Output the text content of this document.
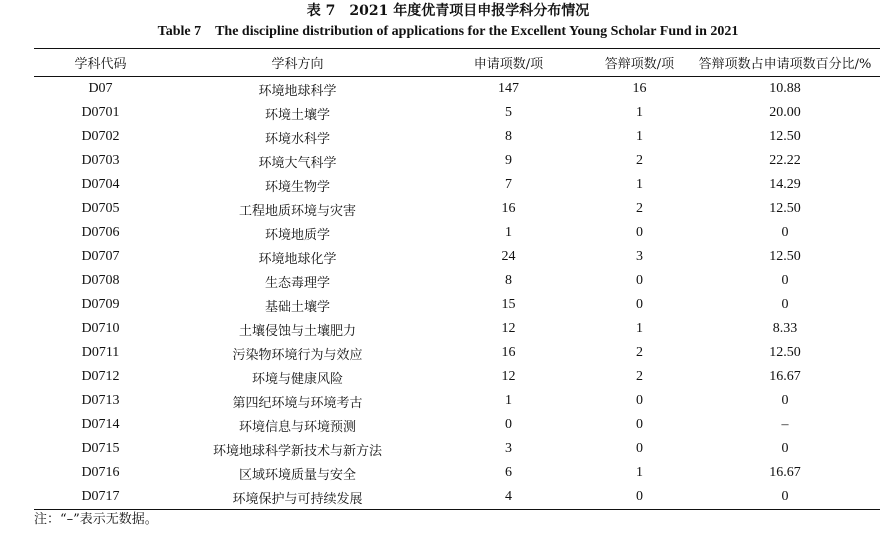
表 7　2021 年度优青项目申报学科分布情况
Table 7　The discipline distribution of applications for the Excellent Young Scholar Fund in 2021
学科代码	学科方向	申请项数/项	答辩项数/项	答辩项数占申请项数百分比/%
D07	环境地球科学	147	16	10.88
D0701	环境土壤学	5	1	20.00
D0702	环境水科学	8	1	12.50
D0703	环境大气科学	9	2	22.22
D0704	环境生物学	7	1	14.29
D0705	工程地质环境与灾害	16	2	12.50
D0706	环境地质学	1	0	0
D0707	环境地球化学	24	3	12.50
D0708	生态毒理学	8	0	0
D0709	基础土壤学	15	0	0
D0710	土壤侵蚀与土壤肥力	12	1	8.33
D0711	污染物环境行为与效应	16	2	12.50
D0712	环境与健康风险	12	2	16.67
D0713	第四纪环境与环境考古	1	0	0
D0714	环境信息与环境预测	0	0	–
D0715	环境地球科学新技术与新方法	3	0	0
D0716	区域环境质量与安全	6	1	16.67
D0717	环境保护与可持续发展	4	0	0
注：“–”表示无数据。
